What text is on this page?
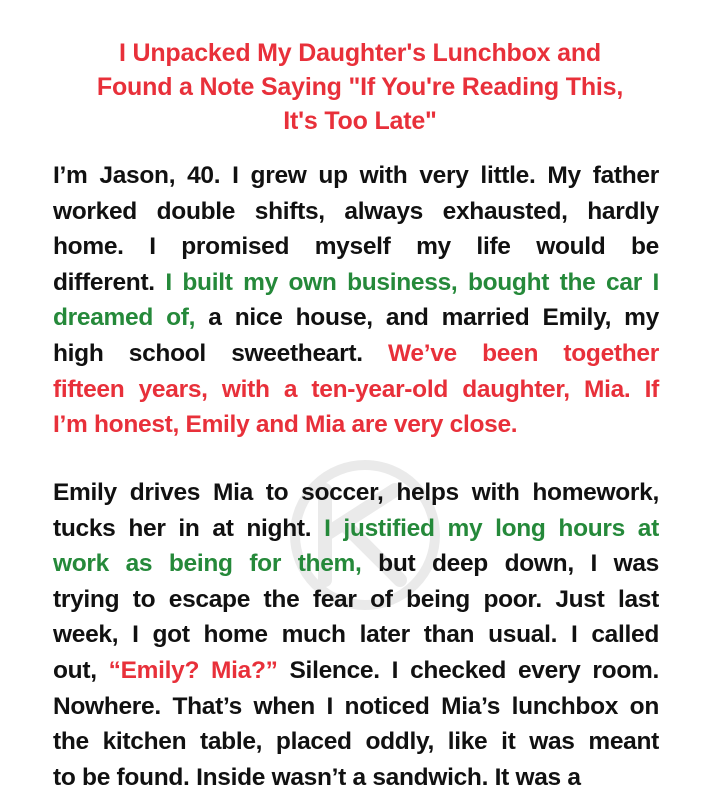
I Unpacked My Daughter's Lunchbox and
Found a Note Saying "If You're Reading This,
It's Too Late"
I’m Jason, 40. I grew up with very little. My father
worked double shifts, always exhausted, hardly
home. I promised myself my life would be
different. I built my own business, bought the car I
dreamed of, a nice house, and married Emily, my
high school sweetheart. We’ve been together
fifteen years, with a ten-year-old daughter, Mia. If
I’m honest, Emily and Mia are very close.
Emily drives Mia to soccer, helps with homework,
tucks her in at night. I justified my long hours at
work as being for them, but deep down, I was
trying to escape the fear of being poor. Just last
week, I got home much later than usual. I called
out, “Emily? Mia?” Silence. I checked every room.
Nowhere. That’s when I noticed Mia’s lunchbox on
the kitchen table, placed oddly, like it was meant
to be found. Inside wasn’t a sandwich. It was a
